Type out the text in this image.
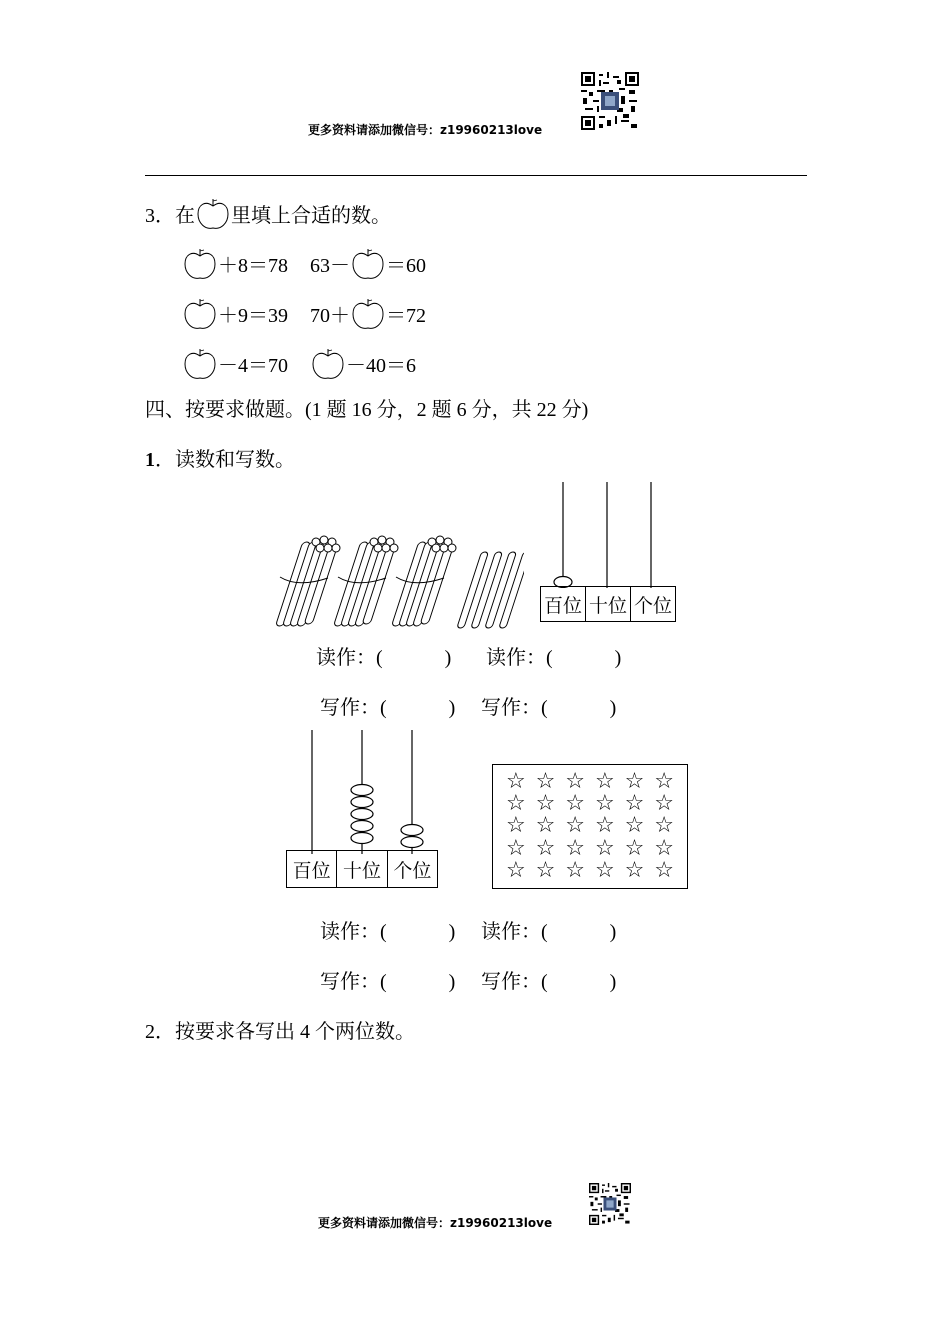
更多资料请添加微信号：z19960213love
3．在 里填上合适的数。
＋8＝78 63－ ＝60
＋9＝39 70＋ ＝72
－4＝70	－40＝6
四、按要求做题。(1 题 16 分，2 题 6 分，共 22 分)
1．读数和写数。
百位 十位 个位
读作：(	) 读作：(	)
写作：(	) 写作：(	)
百位 十位 个位
☆ ☆ ☆ ☆ ☆ ☆
☆ ☆ ☆ ☆ ☆ ☆
☆ ☆ ☆ ☆ ☆ ☆
☆ ☆ ☆ ☆ ☆ ☆
☆ ☆ ☆ ☆ ☆ ☆
读作：(	) 读作：(	)
写作：(	) 写作：(	)
2．按要求各写出 4 个两位数。
更多资料请添加微信号：z19960213love
